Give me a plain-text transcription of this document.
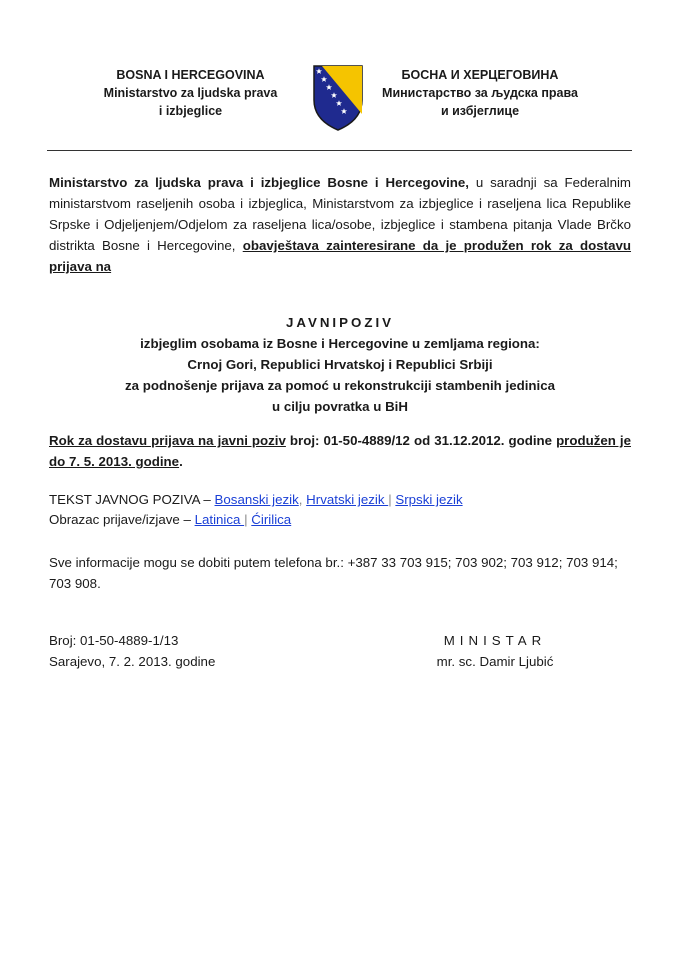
BOSNA I HERCEGOVINA
Ministarstvo za ljudska prava
i izbjeglice
БОСНА И ХЕРЦЕГОВИНА
Министарство за људска права
и избјеглице
Ministarstvo za ljudska prava i izbjeglice Bosne i Hercegovine, u saradnji sa Federalnim ministarstvom raseljenih osoba i izbjeglica, Ministarstvom za izbjeglice i raseljena lica Republike Srpske i Odjeljenjem/Odjelom za raseljena lica/osobe, izbjeglice i stambena pitanja Vlade Brčko distrikta Bosne i Hercegovine, obavještava zainteresirane da je produžen rok za dostavu prijava na
JAVNIPOZIV
izbjeglim osobama iz Bosne i Hercegovine u zemljama regiona:
Crnoj Gori, Republici Hrvatskoj i Republici Srbiji
za podnošenje prijava za pomoć u rekonstrukciji stambenih jedinica
u cilju povratka u BiH
Rok za dostavu prijava na javni poziv broj: 01-50-4889/12 od 31.12.2012. godine produžen je do 7. 5. 2013. godine.
TEKST JAVNOG POZIVA – Bosanski jezik, Hrvatski jezik | Srpski jezik
Obrazac prijave/izjave – Latinica | Ćirilica
Sve informacije mogu se dobiti putem telefona br.: +387 33 703 915; 703 902; 703 912; 703 914; 703 908.
Broj: 01-50-4889-1/13
Sarajevo, 7. 2. 2013. godine
MINISTAR
mr. sc. Damir Ljubić
